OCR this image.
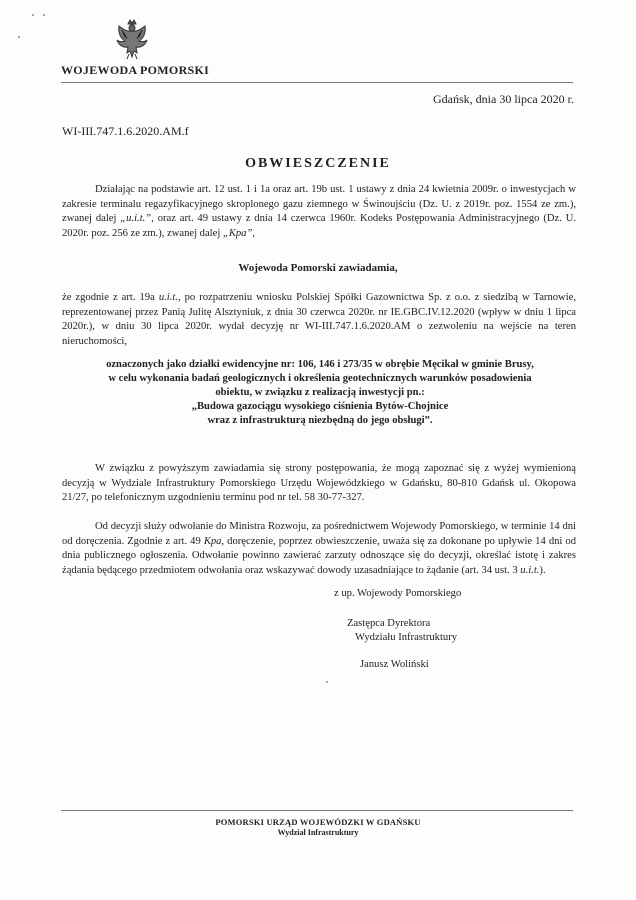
WOJEWODA POMORSKI
Gdańsk, dnia 30 lipca 2020 r.
WI-III.747.1.6.2020.AM.f
OBWIESZCZENIE

Działając na podstawie art. 12 ust. 1 i 1a oraz art. 19b ust. 1 ustawy z dnia 24 kwietnia 2009r. o inwestycjach w zakresie terminalu regazyfikacyjnego skroplonego gazu ziemnego w Świnoujściu (Dz. U. z 2019r. poz. 1554 ze zm.), zwanej dalej „u.i.t.”, oraz art. 49 ustawy z dnia 14 czerwca 1960r. Kodeks Postępowania Administracyjnego (Dz. U. 2020r. poz. 256 ze zm.), zwanej dalej „Kpa”,

Wojewoda Pomorski zawiadamia,

że zgodnie z art. 19a u.i.t., po rozpatrzeniu wniosku Polskiej Spółki Gazownictwa Sp. z o.o. z siedzibą w Tarnowie, reprezentowanej przez Panią Julitę Alsztyniuk, z dnia 30 czerwca 2020r. nr IE.GBC.IV.12.2020 (wpływ w dniu 1 lipca 2020r.), w dniu 30 lipca 2020r. wydał decyzję nr WI-III.747.1.6.2020.AM o zezwoleniu na wejście na teren nieruchomości,

oznaczonych jako działki ewidencyjne nr: 106, 146 i 273/35 w obrębie Męcikał w gminie Brusy,
w celu wykonania badań geologicznych i określenia geotechnicznych warunków posadowienia
obiektu, w związku z realizacją inwestycji pn.:
„Budowa gazociągu wysokiego ciśnienia Bytów-Chojnice
wraz z infrastrukturą niezbędną do jego obsługi”.

W związku z powyższym zawiadamia się strony postępowania, że mogą zapoznać się z wyżej wymienioną decyzją w Wydziale Infrastruktury Pomorskiego Urzędu Wojewódzkiego w Gdańsku, 80-810 Gdańsk ul. Okopowa 21/27, po telefonicznym uzgodnieniu terminu pod nr tel. 58 30-77-327.

Od decyzji służy odwołanie do Ministra Rozwoju, za pośrednictwem Wojewody Pomorskiego, w terminie 14 dni od doręczenia. Zgodnie z art. 49 Kpa, doręczenie, poprzez obwieszczenie, uważa się za dokonane po upływie 14 dni od dnia publicznego ogłoszenia. Odwołanie powinno zawierać zarzuty odnoszące się do decyzji, określać istotę i zakres żądania będącego przedmiotem odwołania oraz wskazywać dowody uzasadniające to żądanie (art. 34 ust. 3 u.i.t.).

z up. Wojewody Pomorskiego
Zastępca Dyrektora
Wydziału Infrastruktury
Janusz Woliński
POMORSKI URZĄD WOJEWÓDZKI W GDAŃSKU
Wydział Infrastruktury
